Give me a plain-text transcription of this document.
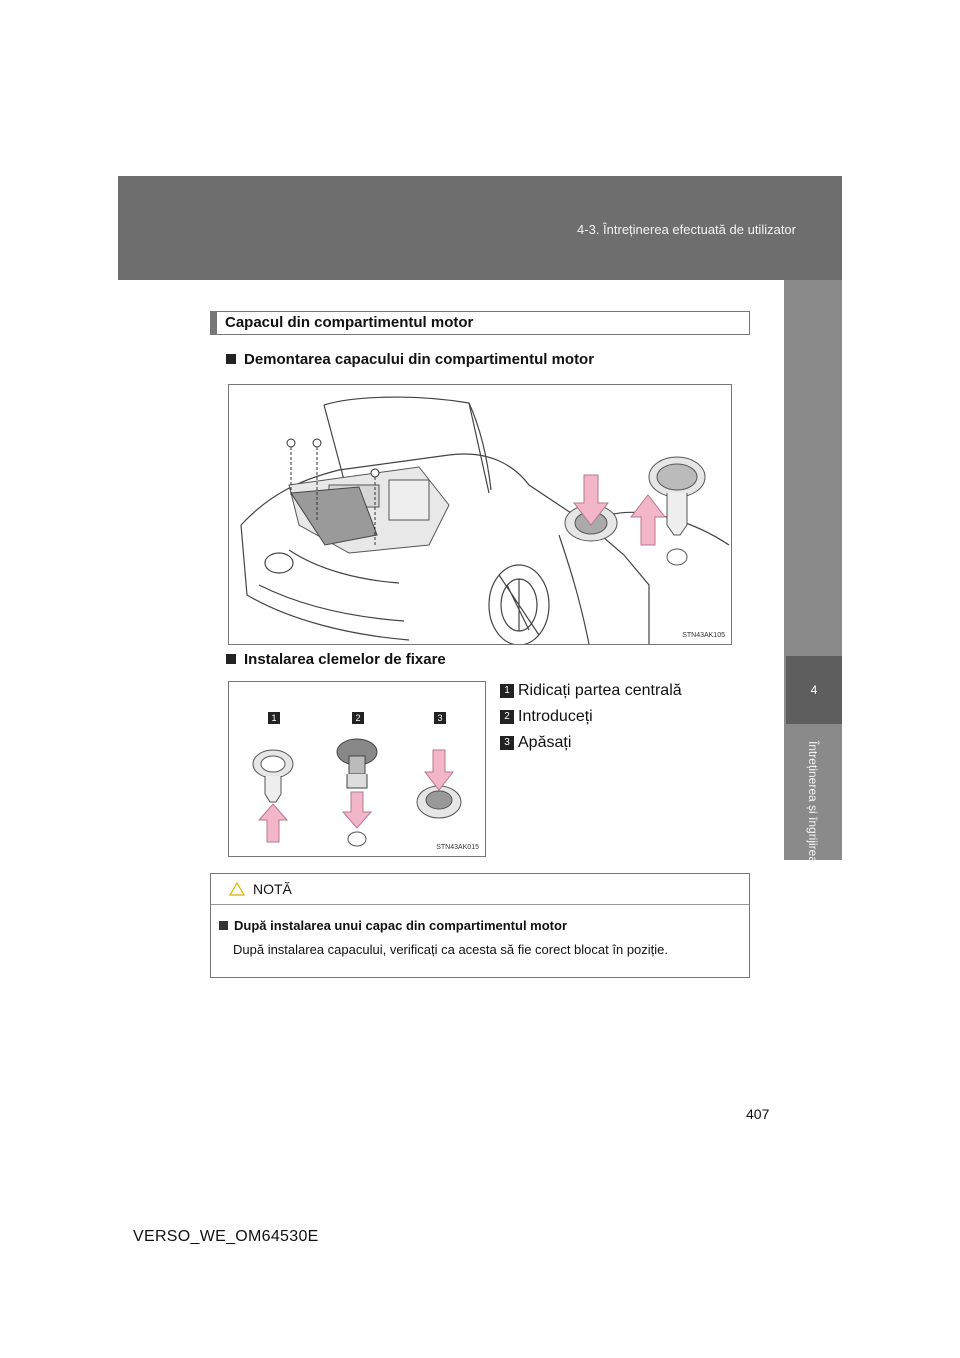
4-3. Întreținerea efectuată de utilizator
4
Întreținerea și îngrijirea
Capacul din compartimentul motor
Demontarea capacului din compartimentul motor
STN43AK105
Instalarea clemelor de fixare
1	2	3
STN43AK015
1 Ridicați partea centrală
2 Introduceți
3 Apăsați
NOTĂ
După instalarea unui capac din compartimentul motor
După instalarea capacului, verificați ca acesta să fie corect blocat în poziție.
407
VERSO_WE_OM64530E
